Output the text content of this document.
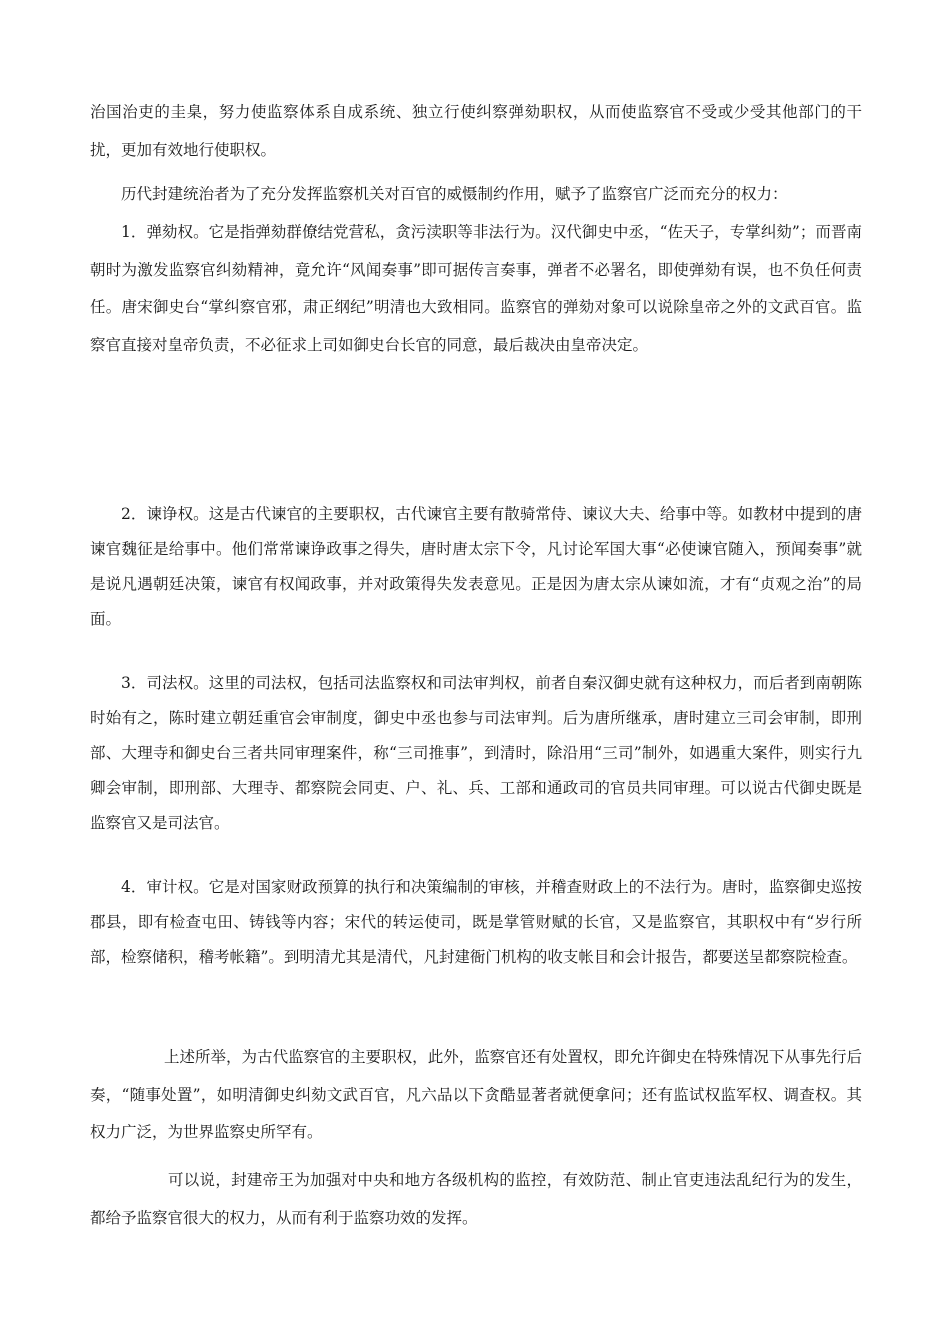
治国治吏的圭臬，努力使监察体系自成系统、独立行使纠察弹劾职权，从而使监察官不受或少受其他部门的干扰，更加有效地行使职权。

历代封建统治者为了充分发挥监察机关对百官的威慑制约作用，赋予了监察官广泛而充分的权力：

1．弹劾权。它是指弹劾群僚结党营私，贪污渎职等非法行为。汉代御史中丞，“佐天子，专掌纠劾”；而晋南朝时为激发监察官纠劾精神，竟允许“风闻奏事”即可据传言奏事，弹者不必署名，即使弹劾有误，也不负任何责任。唐宋御史台“掌纠察官邪，肃正纲纪”明清也大致相同。监察官的弹劾对象可以说除皇帝之外的文武百官。监察官直接对皇帝负责，不必征求上司如御史台长官的同意，最后裁决由皇帝决定。

2．谏诤权。这是古代谏官的主要职权，古代谏官主要有散骑常侍、谏议大夫、给事中等。如教材中提到的唐谏官魏征是给事中。他们常常谏诤政事之得失，唐时唐太宗下令，凡讨论军国大事“必使谏官随入，预闻奏事”就是说凡遇朝廷决策，谏官有权闻政事，并对政策得失发表意见。正是因为唐太宗从谏如流，才有“贞观之治”的局面。

3．司法权。这里的司法权，包括司法监察权和司法审判权，前者自秦汉御史就有这种权力，而后者到南朝陈时始有之，陈时建立朝廷重官会审制度，御史中丞也参与司法审判。后为唐所继承，唐时建立三司会审制，即刑部、大理寺和御史台三者共同审理案件，称“三司推事”，到清时，除沿用“三司”制外，如遇重大案件，则实行九卿会审制，即刑部、大理寺、都察院会同吏、户、礼、兵、工部和通政司的官员共同审理。可以说古代御史既是监察官又是司法官。

4．审计权。它是对国家财政预算的执行和决策编制的审核，并稽查财政上的不法行为。唐时，监察御史巡按郡县，即有检查屯田、铸钱等内容；宋代的转运使司，既是掌管财赋的长官，又是监察官，其职权中有“岁行所部，检察储积，稽考帐籍”。到明清尤其是清代，凡封建衙门机构的收支帐目和会计报告，都要送呈都察院检查。

上述所举，为古代监察官的主要职权，此外，监察官还有处置权，即允许御史在特殊情况下从事先行后奏，“随事处置”，如明清御史纠劾文武百官，凡六品以下贪酷显著者就便拿问；还有监试权监军权、调查权。其权力广泛，为世界监察史所罕有。

可以说，封建帝王为加强对中央和地方各级机构的监控，有效防范、制止官吏违法乱纪行为的发生，都给予监察官很大的权力，从而有利于监察功效的发挥。
